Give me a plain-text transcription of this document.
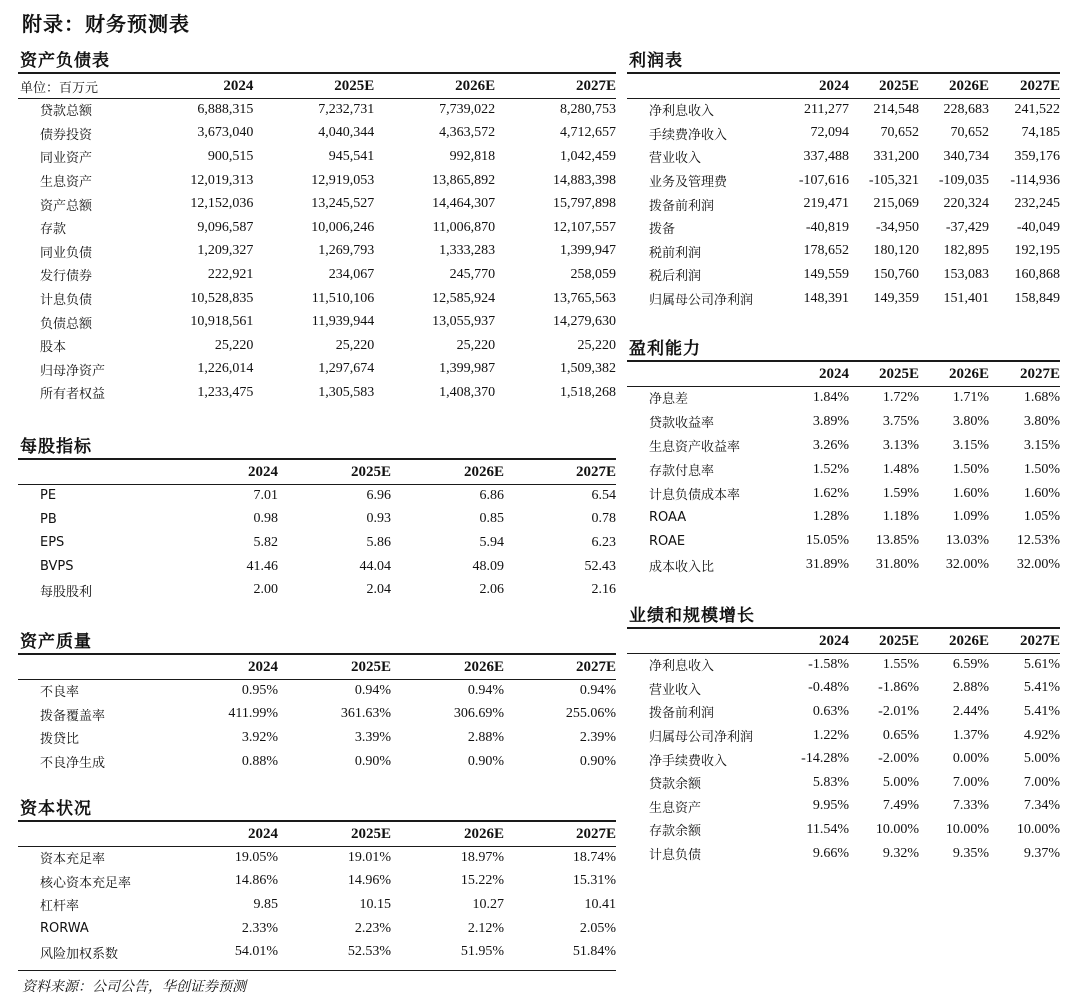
附录：财务预测表
资产负债表
单位：百万元	2024	2025E	2026E	2027E
贷款总额	6,888,315	7,232,731	7,739,022	8,280,753
债券投资	3,673,040	4,040,344	4,363,572	4,712,657
同业资产	900,515	945,541	992,818	1,042,459
生息资产	12,019,313	12,919,053	13,865,892	14,883,398
资产总额	12,152,036	13,245,527	14,464,307	15,797,898
存款	9,096,587	10,006,246	11,006,870	12,107,557
同业负债	1,209,327	1,269,793	1,333,283	1,399,947
发行债券	222,921	234,067	245,770	258,059
计息负债	10,528,835	11,510,106	12,585,924	13,765,563
负债总额	10,918,561	11,939,944	13,055,937	14,279,630
股本	25,220	25,220	25,220	25,220
归母净资产	1,226,014	1,297,674	1,399,987	1,509,382
所有者权益	1,233,475	1,305,583	1,408,370	1,518,268
每股指标
	2024	2025E	2026E	2027E
PE	7.01	6.96	6.86	6.54
PB	0.98	0.93	0.85	0.78
EPS	5.82	5.86	5.94	6.23
BVPS	41.46	44.04	48.09	52.43
每股股利	2.00	2.04	2.06	2.16
资产质量
	2024	2025E	2026E	2027E
不良率	0.95%	0.94%	0.94%	0.94%
拨备覆盖率	411.99%	361.63%	306.69%	255.06%
拨贷比	3.92%	3.39%	2.88%	2.39%
不良净生成	0.88%	0.90%	0.90%	0.90%
资本状况
	2024	2025E	2026E	2027E
资本充足率	19.05%	19.01%	18.97%	18.74%
核心资本充足率	14.86%	14.96%	15.22%	15.31%
杠杆率	9.85	10.15	10.27	10.41
RORWA	2.33%	2.23%	2.12%	2.05%
风险加权系数	54.01%	52.53%	51.95%	51.84%
利润表
	2024	2025E	2026E	2027E
净利息收入	211,277	214,548	228,683	241,522
手续费净收入	72,094	70,652	70,652	74,185
营业收入	337,488	331,200	340,734	359,176
业务及管理费	-107,616	-105,321	-109,035	-114,936
拨备前利润	219,471	215,069	220,324	232,245
拨备	-40,819	-34,950	-37,429	-40,049
税前利润	178,652	180,120	182,895	192,195
税后利润	149,559	150,760	153,083	160,868
归属母公司净利润	148,391	149,359	151,401	158,849
盈利能力
	2024	2025E	2026E	2027E
净息差	1.84%	1.72%	1.71%	1.68%
贷款收益率	3.89%	3.75%	3.80%	3.80%
生息资产收益率	3.26%	3.13%	3.15%	3.15%
存款付息率	1.52%	1.48%	1.50%	1.50%
计息负债成本率	1.62%	1.59%	1.60%	1.60%
ROAA	1.28%	1.18%	1.09%	1.05%
ROAE	15.05%	13.85%	13.03%	12.53%
成本收入比	31.89%	31.80%	32.00%	32.00%
业绩和规模增长
	2024	2025E	2026E	2027E
净利息收入	-1.58%	1.55%	6.59%	5.61%
营业收入	-0.48%	-1.86%	2.88%	5.41%
拨备前利润	0.63%	-2.01%	2.44%	5.41%
归属母公司净利润	1.22%	0.65%	1.37%	4.92%
净手续费收入	-14.28%	-2.00%	0.00%	5.00%
贷款余额	5.83%	5.00%	7.00%	7.00%
生息资产	9.95%	7.49%	7.33%	7.34%
存款余额	11.54%	10.00%	10.00%	10.00%
计息负债	9.66%	9.32%	9.35%	9.37%
资料来源：公司公告，华创证券预测
